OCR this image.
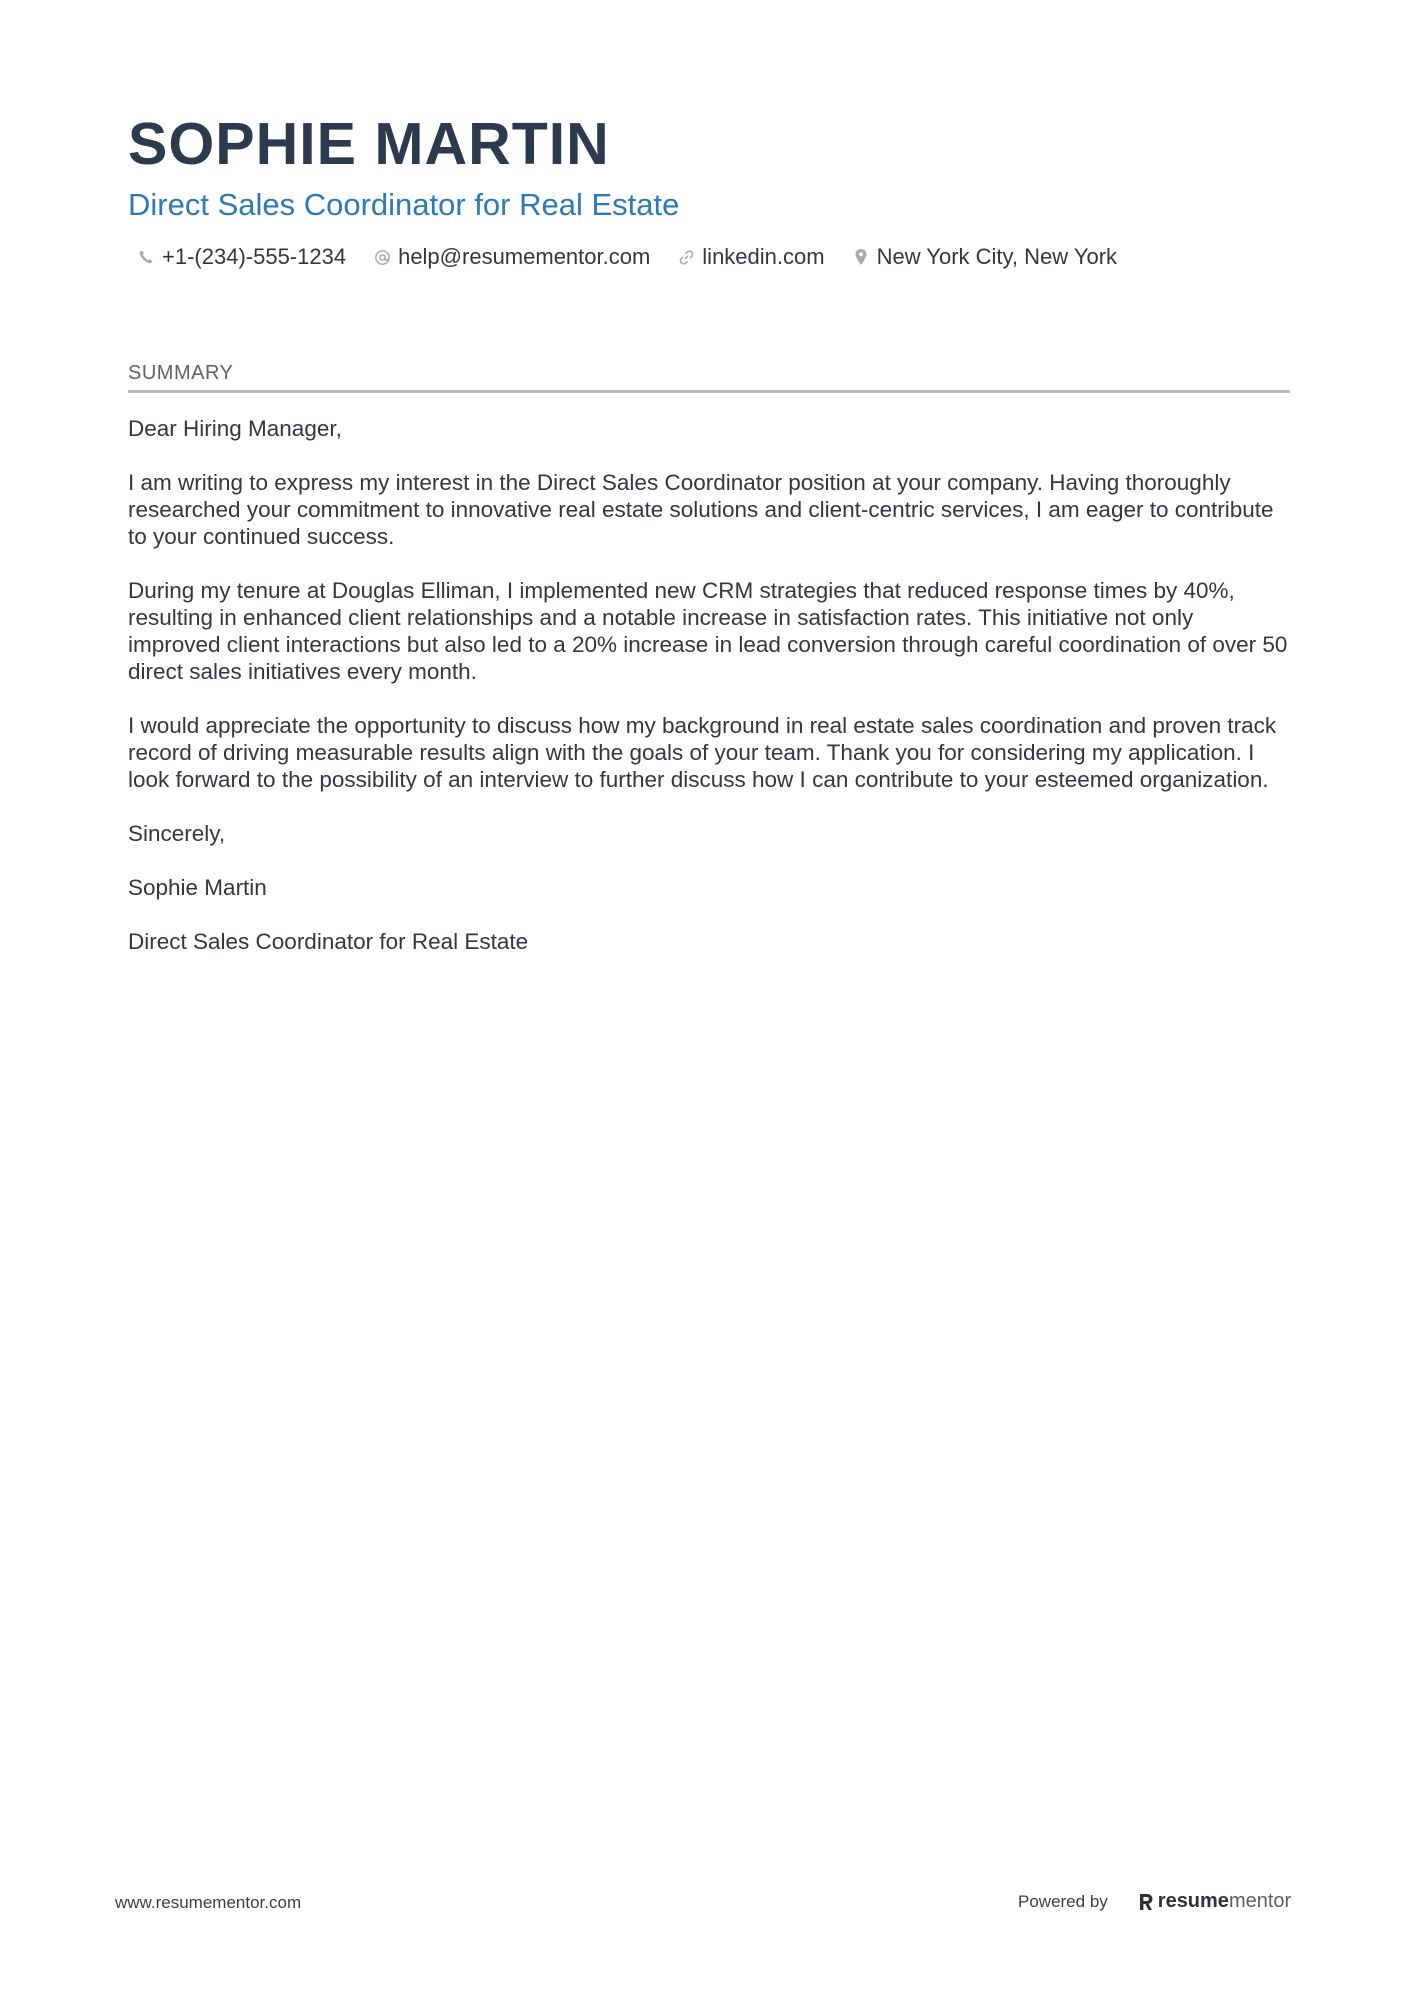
SOPHIE MARTIN
Direct Sales Coordinator for Real Estate
+1-(234)-555-1234 help@resumementor.com linkedin.com New York City, New York
SUMMARY

Dear Hiring Manager,

I am writing to express my interest in the Direct Sales Coordinator position at your company. Having thoroughly researched your commitment to innovative real estate solutions and client-centric services, I am eager to contribute to your continued success.

During my tenure at Douglas Elliman, I implemented new CRM strategies that reduced response times by 40%, resulting in enhanced client relationships and a notable increase in satisfaction rates. This initiative not only improved client interactions but also led to a 20% increase in lead conversion through careful coordination of over 50 direct sales initiatives every month.

I would appreciate the opportunity to discuss how my background in real estate sales coordination and proven track record of driving measurable results align with the goals of your team. Thank you for considering my application. I look forward to the possibility of an interview to further discuss how I can contribute to your esteemed organization.

Sincerely,

Sophie Martin

Direct Sales Coordinator for Real Estate

www.resumementor.com	Powered by	resume mentor
